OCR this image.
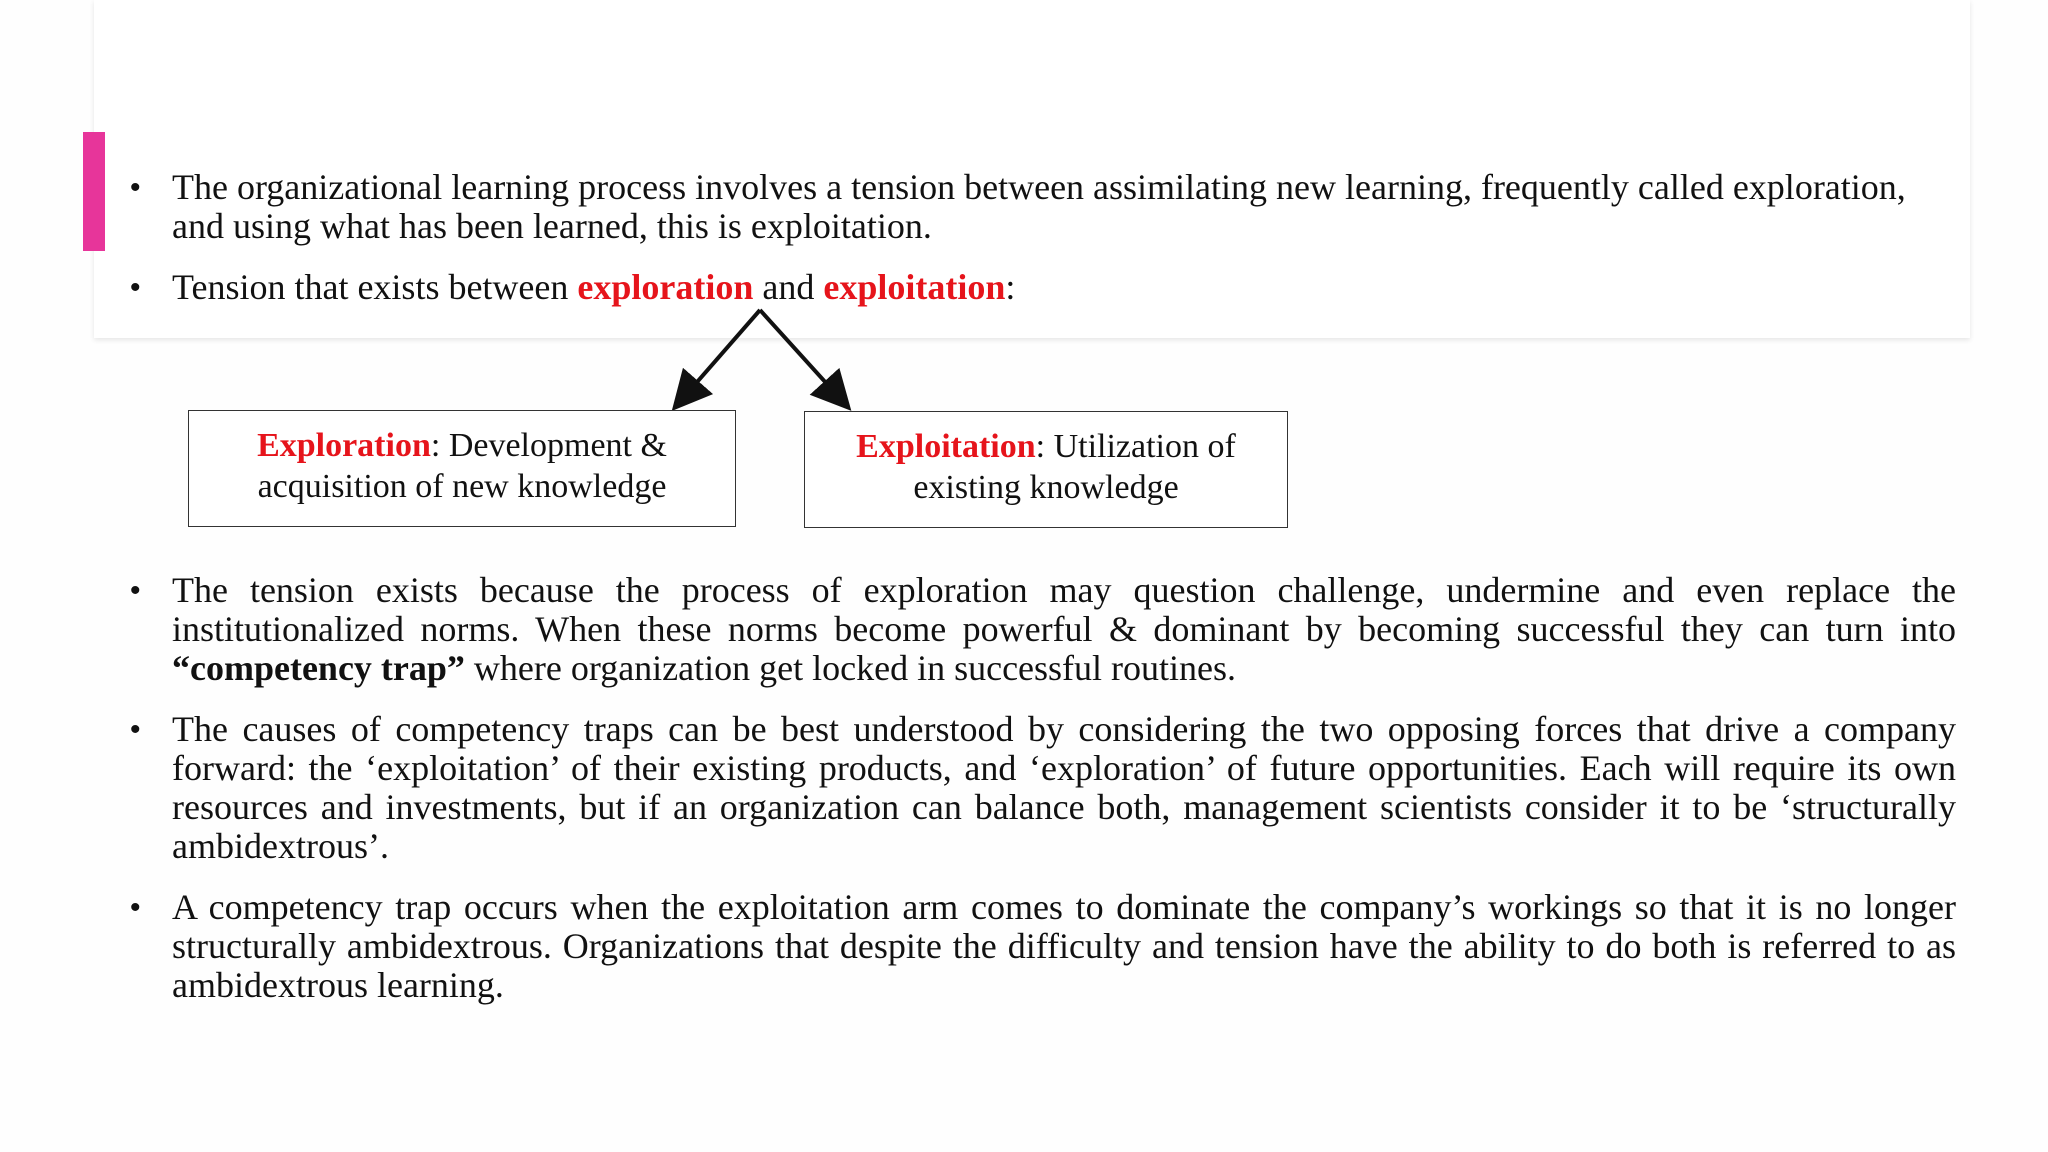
• The organizational learning process involves a tension between assimilating new learning, frequently called exploration, and using what has been learned, this is exploitation.
• Tension that exists between exploration and exploitation:
Exploration: Development & acquisition of new knowledge
Exploitation: Utilization of existing knowledge
• The tension exists because the process of exploration may question challenge, undermine and even replace the institutionalized norms. When these norms become powerful & dominant by becoming successful they can turn into “competency trap” where organization get locked in successful routines.
• The causes of competency traps can be best understood by considering the two opposing forces that drive a company forward: the ‘exploitation’ of their existing products, and ‘exploration’ of future opportunities. Each will require its own resources and investments, but if an organization can balance both, management scientists consider it to be ‘structurally ambidextrous’.
• A competency trap occurs when the exploitation arm comes to dominate the company’s workings so that it is no longer structurally ambidextrous. Organizations that despite the difficulty and tension have the ability to do both is referred to as ambidextrous learning.
